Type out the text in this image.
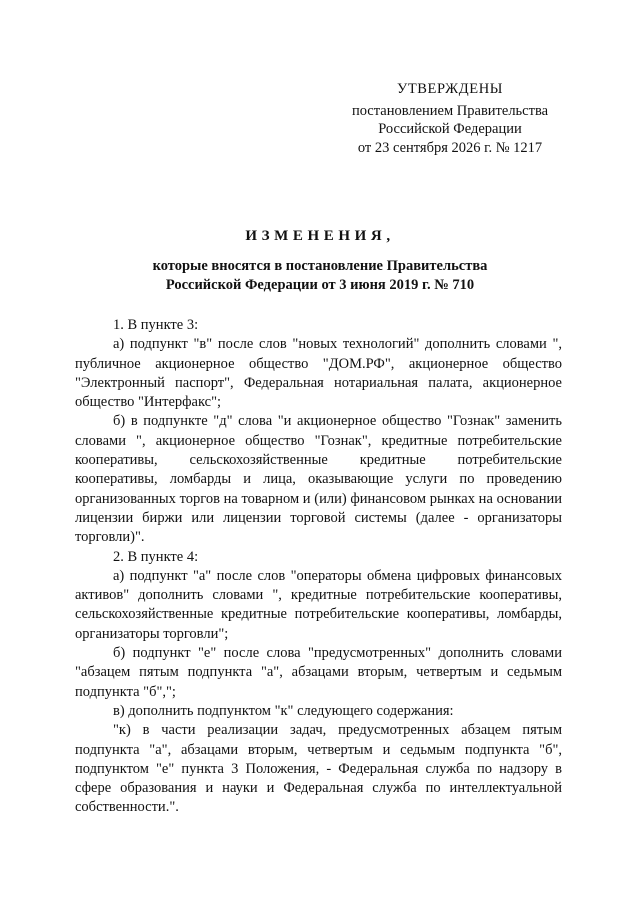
УТВЕРЖДЕНЫ
постановлением Правительства
Российской Федерации
от 23 сентября 2026 г. № 1217
ИЗМЕНЕНИЯ,
которые вносятся в постановление Правительства
Российской Федерации от 3 июня 2019 г. № 710

1. В пункте 3:

а) подпункт "в" после слов "новых технологий" дополнить словами ", публичное акционерное общество "ДОМ.РФ", акционерное общество "Электронный паспорт", Федеральная нотариальная палата, акционерное общество "Интерфакс";

б) в подпункте "д" слова "и акционерное общество "Гознак" заменить словами ", акционерное общество "Гознак", кредитные потребительские кооперативы, сельскохозяйственные кредитные потребительские кооперативы, ломбарды и лица, оказывающие услуги по проведению организованных торгов на товарном и (или) финансовом рынках на основании лицензии биржи или лицензии торговой системы (далее - организаторы торговли)".

2. В пункте 4:

а) подпункт "а" после слов "операторы обмена цифровых финансовых активов" дополнить словами ", кредитные потребительские кооперативы, сельскохозяйственные кредитные потребительские кооперативы, ломбарды, организаторы торговли";

б) подпункт "е" после слова "предусмотренных" дополнить словами "абзацем пятым подпункта "а", абзацами вторым, четвертым и седьмым подпункта "б",";

в) дополнить подпунктом "к" следующего содержания:

"к) в части реализации задач, предусмотренных абзацем пятым подпункта "а", абзацами вторым, четвертым и седьмым подпункта "б", подпунктом "е" пункта 3 Положения, - Федеральная служба по надзору в сфере образования и науки и Федеральная служба по интеллектуальной собственности.".
